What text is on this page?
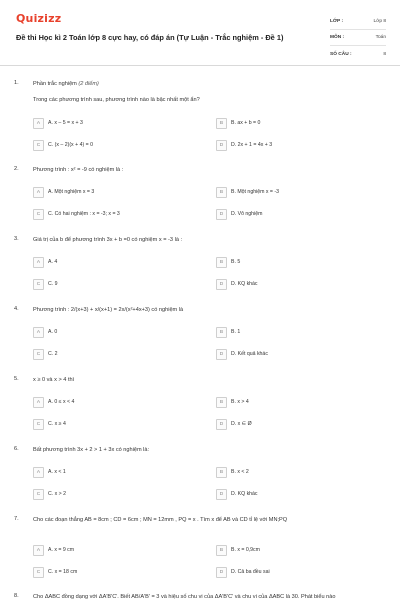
Quizizz
Đề thi Học kì 2 Toán lớp 8 cực hay, có đáp án (Tự Luận - Trắc nghiệm - Đề 1)
LỚP :	Lớp 8
MÔN :	Toán
SỐ CÂU :	8
1.	Phần trắc nghiệm (2 điểm)
Trong các phương trình sau, phương trình nào là bậc nhất một ẩn?
A	A. x – 5 = x + 3	B	B. ax + b = 0
C	C. (x – 2)(x + 4) = 0	D	D. 2x + 1 = 4x + 3
2.	Phương trình : x² = -9 có nghiệm là :
A	A. Một nghiệm x = 3	B	B. Một nghiệm x = -3
C	C. Có hai nghiệm : x = -3; x = 3	D	D. Vô nghiệm
3.	Giá trị của b để phương trình 3x + b =0 có nghiệm x = -3 là :
A	A. 4	B	B. 5
C	C. 9	D	D. KQ khác
4.	Phương trình : 2/(x+3) + x/(x+1) = 2x/(x²+4x+3) có nghiệm là
A	A. 0	B	B. 1
C	C. 2	D	D. Kết quả khác
5.	x ≥ 0 và x > 4 thì
A	A. 0 ≤ x < 4	B	B. x > 4
C	C. x ≥ 4	D	D. x ∈ Ø
6.	Bất phương trình 3x + 2 > 1 + 3x có nghiệm là:
A	A. x < 1	B	B. x < 2
C	C. x > 2	D	D. KQ khác
7.	Cho các đoạn thẳng AB = 8cm ; CD = 6cm ; MN = 12mm , PQ = x . Tìm x để AB và CD tỉ lệ với MN;PQ
A	A. x = 9 cm	B	B. x = 0,9cm
C	C. x = 18 cm	D	D. Cả ba đều sai
8.	Cho ΔABC đồng dạng với ΔA'B'C'. Biết AB/A'B' = 3 và hiệu số chu vi của ΔA'B'C' và chu vi của ΔABC là 30. Phát biểu nào
